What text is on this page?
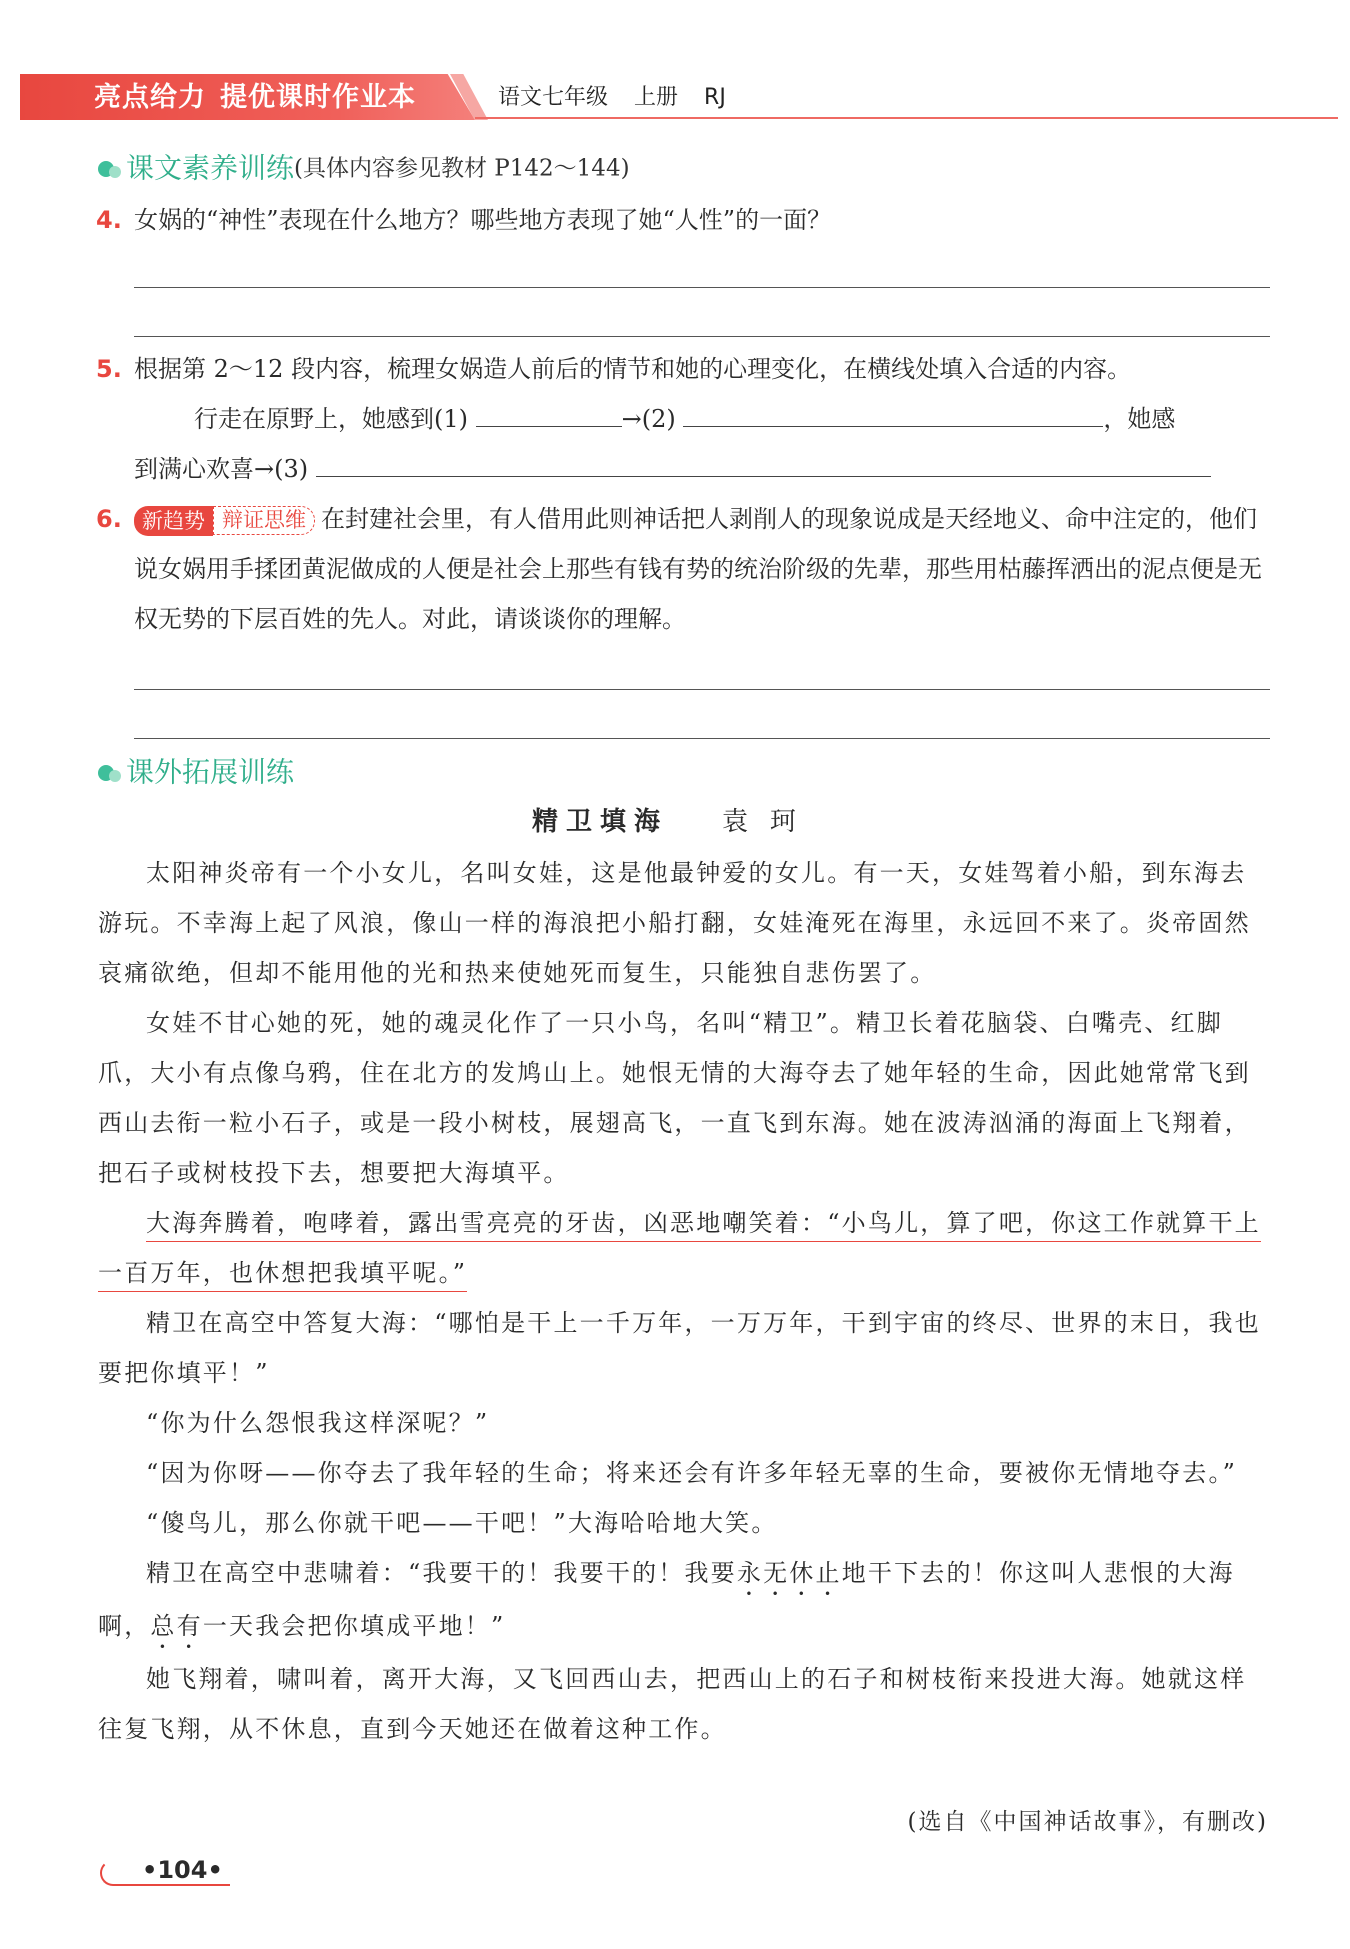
亮点给力 提优课时作业本	语文七年级 上册 RJ
课文素养训练(具体内容参见教材 P142～144)
4. 女娲的“神性”表现在什么地方？哪些地方表现了她“人性”的一面？
5. 根据第 2～12 段内容，梳理女娲造人前后的情节和她的心理变化，在横线处填入合适的内容。
行走在原野上，她感到(1)	→(2)	，她感
到满心欢喜→(3)
6. 新趋势 辩证思维 在封建社会里，有人借用此则神话把人剥削人的现象说成是天经地义、命中注定的，他们说女娲用手揉团黄泥做成的人便是社会上那些有钱有势的统治阶级的先辈，那些用枯藤挥洒出的泥点便是无权无势的下层百姓的先人。对此，请谈谈你的理解。
课外拓展训练
精卫填海 袁珂

太阳神炎帝有一个小女儿，名叫女娃，这是他最钟爱的女儿。有一天，女娃驾着小船，到东海去游玩。不幸海上起了风浪，像山一样的海浪把小船打翻，女娃淹死在海里，永远回不来了。炎帝固然哀痛欲绝，但却不能用他的光和热来使她死而复生，只能独自悲伤罢了。

女娃不甘心她的死，她的魂灵化作了一只小鸟，名叫“精卫”。精卫长着花脑袋、白嘴壳、红脚爪，大小有点像乌鸦，住在北方的发鸠山上。她恨无情的大海夺去了她年轻的生命，因此她常常飞到西山去衔一粒小石子，或是一段小树枝，展翅高飞，一直飞到东海。她在波涛汹涌的海面上飞翔着，把石子或树枝投下去，想要把大海填平。

大海奔腾着，咆哮着，露出雪亮亮的牙齿，凶恶地嘲笑着：“小鸟儿，算了吧，你这工作就算干上一百万年，也休想把我填平呢。”

精卫在高空中答复大海：“哪怕是干上一千万年，一万万年，干到宇宙的终尽、世界的末日，我也要把你填平！”

“你为什么怨恨我这样深呢？”

“因为你呀——你夺去了我年轻的生命；将来还会有许多年轻无辜的生命，要被你无情地夺去。”

“傻鸟儿，那么你就干吧——干吧！”大海哈哈地大笑。

精卫在高空中悲啸着：“我要干的！我要干的！我要永无休止地干下去的！你这叫人悲恨的大海啊，总有一天我会把你填成平地！”

她飞翔着，啸叫着，离开大海，又飞回西山去，把西山上的石子和树枝衔来投进大海。她就这样往复飞翔，从不休息，直到今天她还在做着这种工作。

(选自《中国神话故事》，有删改)
•104•
